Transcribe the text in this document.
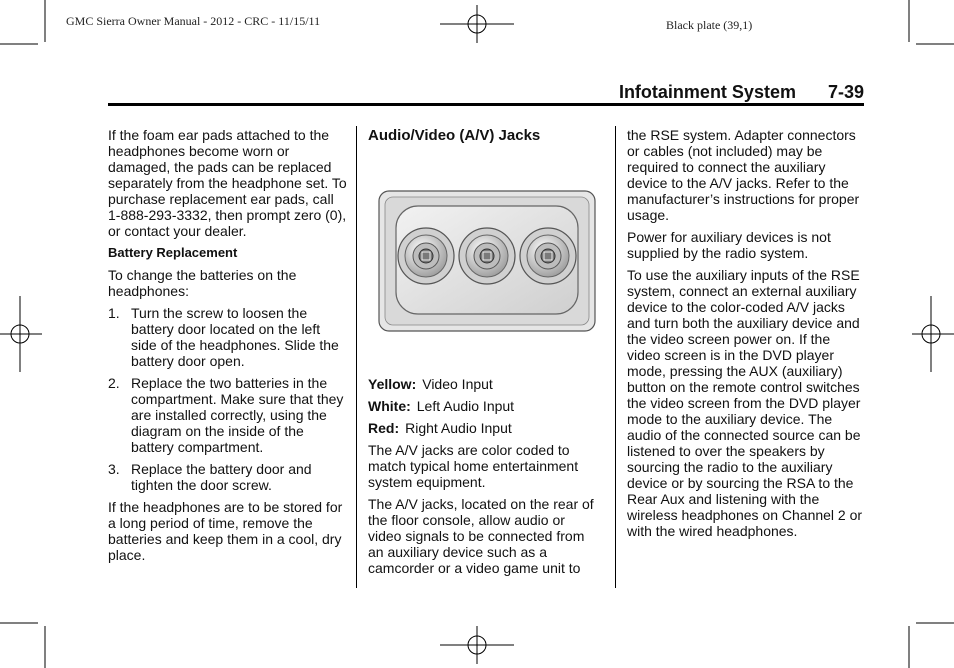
GMC Sierra Owner Manual - 2012 - CRC - 11/15/11	Black plate (39,1)
Infotainment System 7-39

If the foam ear pads attached to the headphones become worn or damaged, the pads can be replaced separately from the headphone set. To purchase replacement ear pads, call 1-888-293-3332, then prompt zero (0), or contact your dealer.

Battery Replacement

To change the batteries on the headphones:

1. Turn the screw to loosen the battery door located on the left side of the headphones. Slide the battery door open.
2. Replace the two batteries in the compartment. Make sure that they are installed correctly, using the diagram on the inside of the battery compartment.
3. Replace the battery door and tighten the door screw.

If the headphones are to be stored for a long period of time, remove the batteries and keep them in a cool, dry place.

Audio/Video (A/V) Jacks

Yellow: Video Input

White: Left Audio Input

Red: Right Audio Input

The A/V jacks are color coded to match typical home entertainment system equipment.

The A/V jacks, located on the rear of the floor console, allow audio or video signals to be connected from an auxiliary device such as a camcorder or a video game unit to

the RSE system. Adapter connectors or cables (not included) may be required to connect the auxiliary device to the A/V jacks. Refer to the manufacturer’s instructions for proper usage.

Power for auxiliary devices is not supplied by the radio system.

To use the auxiliary inputs of the RSE system, connect an external auxiliary device to the color-coded A/V jacks and turn both the auxiliary device and the video screen power on. If the video screen is in the DVD player mode, pressing the AUX (auxiliary) button on the remote control switches the video screen from the DVD player mode to the auxiliary device. The audio of the connected source can be listened to over the speakers by sourcing the radio to the auxiliary device or by sourcing the RSA to the Rear Aux and listening with the wireless headphones on Channel 2 or with the wired headphones.
